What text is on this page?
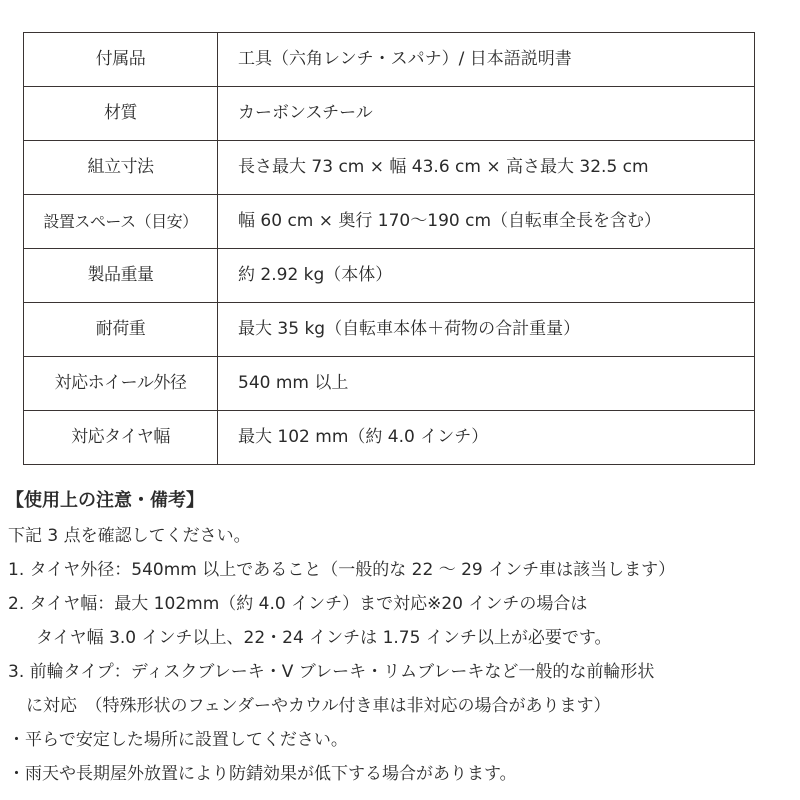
付属品	工具（六角レンチ・スパナ）/ 日本語説明書
材質	カーボンスチール
組立寸法	長さ最大 73 cm × 幅 43.6 cm × 高さ最大 32.5 cm
設置スペース（目安）	幅 60 cm × 奥行 170〜190 cm（自転車全長を含む）
製品重量	約 2.92 kg（本体）
耐荷重	最大 35 kg（自転車本体＋荷物の合計重量）
対応ホイール外径	540 mm 以上
対応タイヤ幅	最大 102 mm（約 4.0 インチ）
【使用上の注意・備考】
下記 3 点を確認してください。
1. タイヤ外径：540mm 以上であること（一般的な 22 ～ 29 インチ車は該当します）
2. タイヤ幅：最大 102mm（約 4.0 インチ）まで対応※20 インチの場合は
タイヤ幅 3.0 インチ以上、22・24 インチは 1.75 インチ以上が必要です。
3. 前輪タイプ：ディスクブレーキ・V ブレーキ・リムブレーキなど一般的な前輪形状
に対応　（特殊形状のフェンダーやカウル付き車は非対応の場合があります）
・平らで安定した場所に設置してください。
・雨天や長期屋外放置により防錆効果が低下する場合があります。
